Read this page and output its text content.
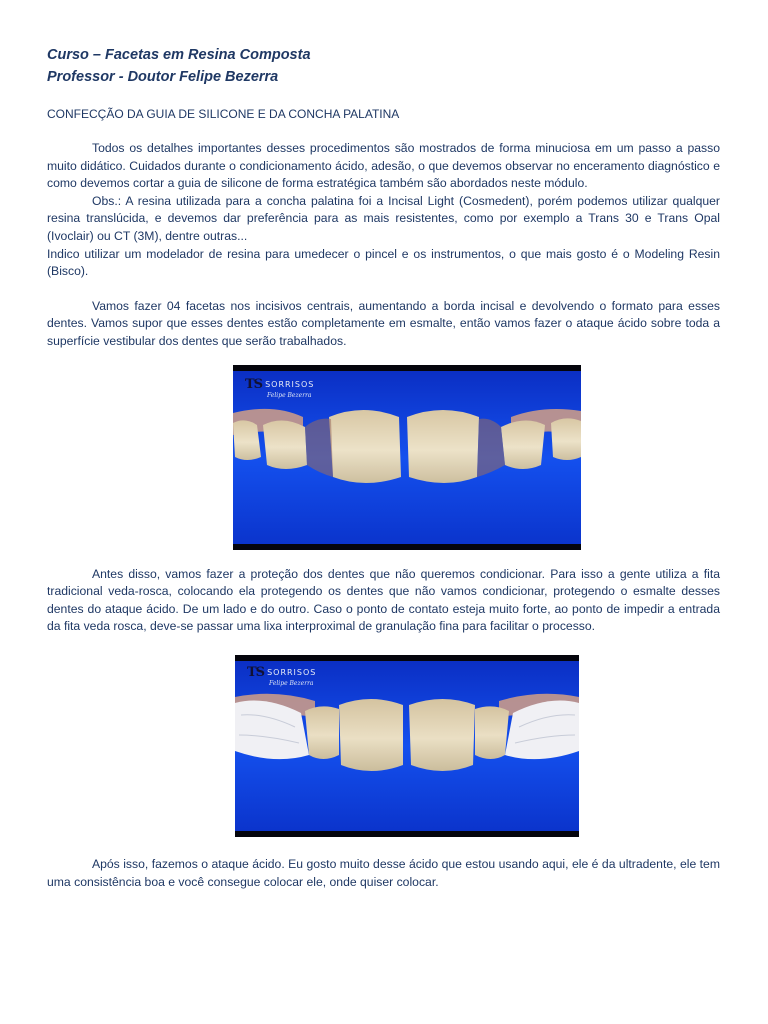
Curso – Facetas em Resina Composta

Professor - Doutor Felipe Bezerra

CONFECÇÃO DA GUIA DE SILICONE E DA CONCHA PALATINA

Todos os detalhes importantes desses procedimentos são mostrados de forma minuciosa em um passo a passo muito didático. Cuidados durante o condicionamento ácido, adesão, o que devemos observar no enceramento diagnóstico e como devemos cortar a guia de silicone de forma estratégica também são abordados neste módulo.

Obs.: A resina utilizada para a concha palatina foi a Incisal Light (Cosmedent), porém podemos utilizar qualquer resina translúcida, e devemos dar preferência para as mais resistentes, como por exemplo a Trans 30 e Trans Opal (Ivoclair) ou CT (3M), dentre outras...

Indico utilizar um modelador de resina para umedecer o pincel e os instrumentos, o que mais gosto é o Modeling Resin (Bisco).

Vamos fazer 04 facetas nos incisivos centrais, aumentando a borda incisal e devolvendo o formato para esses dentes. Vamos supor que esses dentes estão completamente em esmalte, então vamos fazer o ataque ácido sobre toda a superfície vestibular dos dentes que serão trabalhados.

TS SORRISOS
Felipe Bezerra

Antes disso, vamos fazer a proteção dos dentes que não queremos condicionar. Para isso a gente utiliza a fita tradicional veda-rosca, colocando ela protegendo os dentes que não vamos condicionar, protegendo o esmalte desses dentes do ataque ácido. De um lado e do outro. Caso o ponto de contato esteja muito forte, ao ponto de impedir a entrada da fita veda rosca, deve-se passar uma lixa interproximal de granulação fina para facilitar o processo.

TS SORRISOS
Felipe Bezerra

Após isso, fazemos o ataque ácido. Eu gosto muito desse ácido que estou usando aqui, ele é da ultradente, ele tem uma consistência boa e você consegue colocar ele, onde quiser colocar.
